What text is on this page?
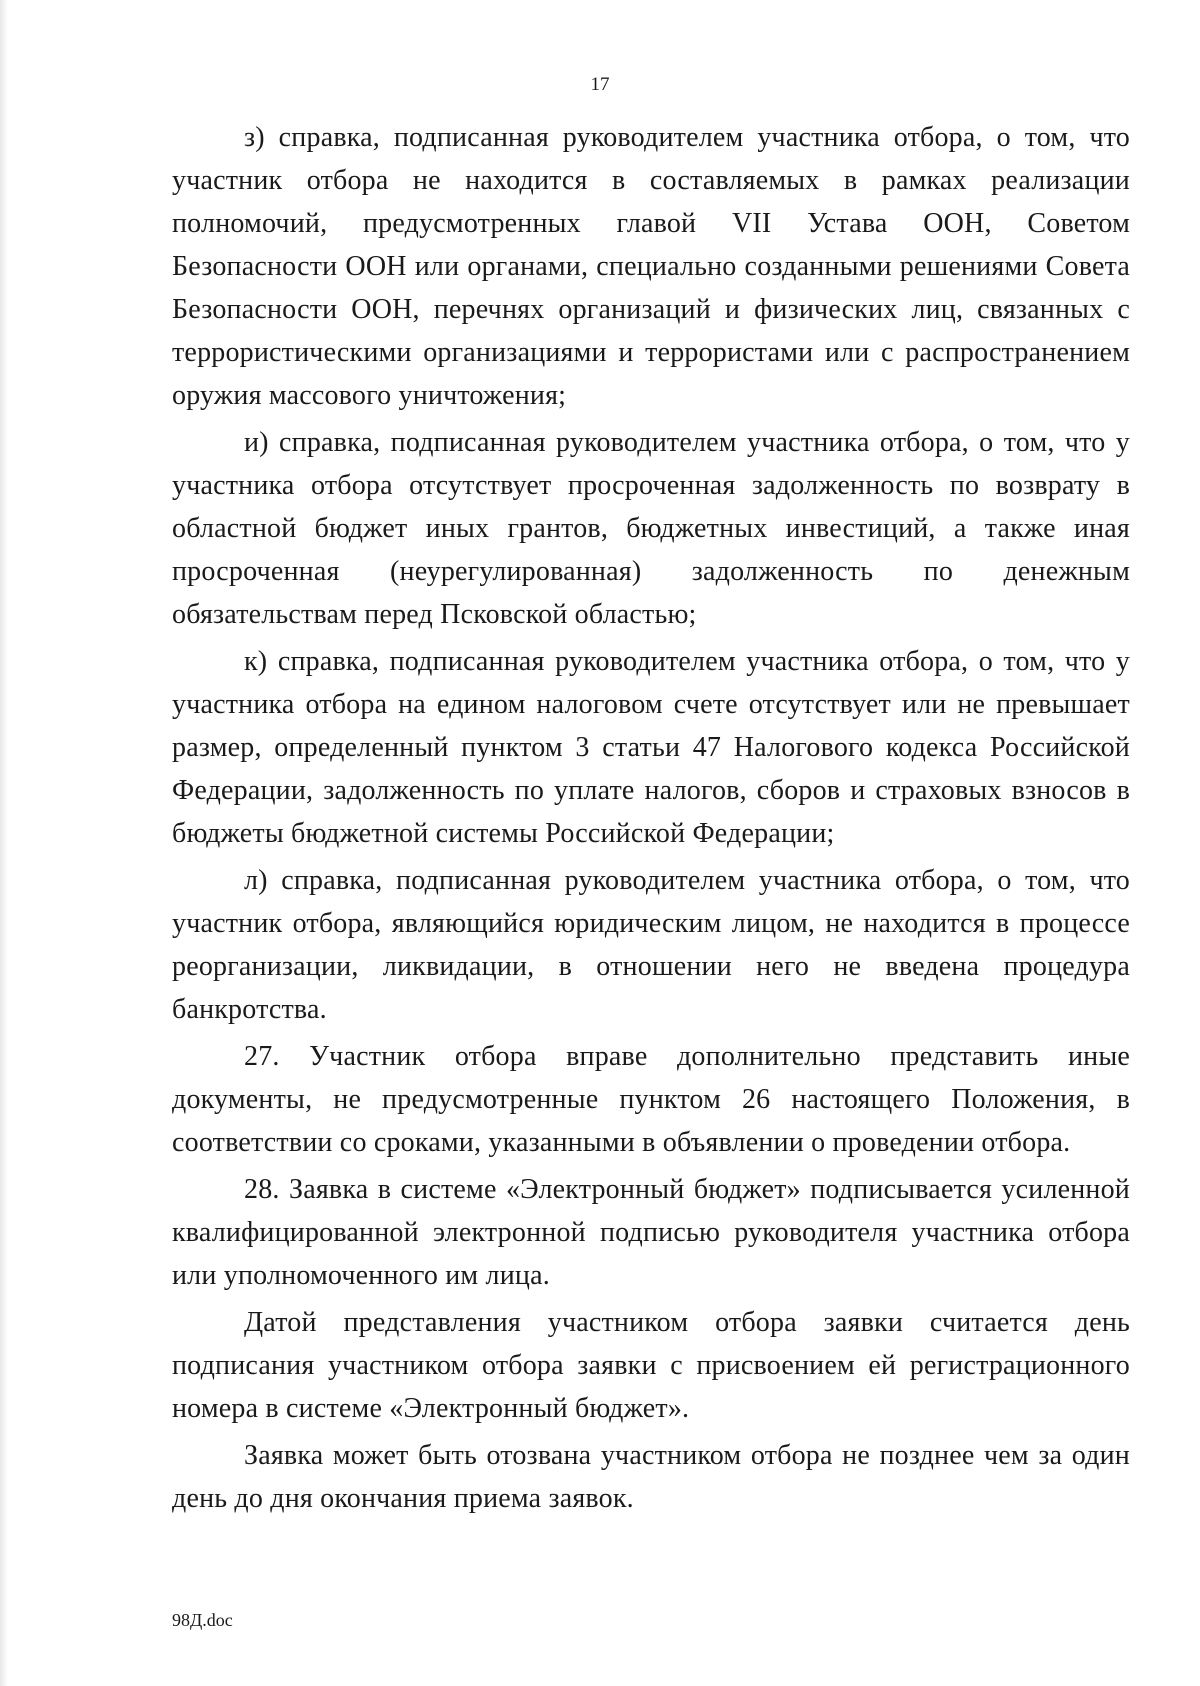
17

з) справка, подписанная руководителем участника отбора, о том, что участник отбора не находится в составляемых в рамках реализации полномочий, предусмотренных главой VII Устава ООН, Советом Безопасности ООН или органами, специально созданными решениями Совета Безопасности ООН, перечнях организаций и физических лиц, связанных с террористическими организациями и террористами или с распространением оружия массового уничтожения;

и) справка, подписанная руководителем участника отбора, о том, что у участника отбора отсутствует просроченная задолженность по возврату в областной бюджет иных грантов, бюджетных инвестиций, а также иная просроченная (неурегулированная) задолженность по денежным обязательствам перед Псковской областью;

к) справка, подписанная руководителем участника отбора, о том, что у участника отбора на едином налоговом счете отсутствует или не превышает размер, определенный пунктом 3 статьи 47 Налогового кодекса Российской Федерации, задолженность по уплате налогов, сборов и страховых взносов в бюджеты бюджетной системы Российской Федерации;

л) справка, подписанная руководителем участника отбора, о том, что участник отбора, являющийся юридическим лицом, не находится в процессе реорганизации, ликвидации, в отношении него не введена процедура банкротства.

27. Участник отбора вправе дополнительно представить иные документы, не предусмотренные пунктом 26 настоящего Положения, в соответствии со сроками, указанными в объявлении о проведении отбора.

28. Заявка в системе «Электронный бюджет» подписывается усиленной квалифицированной электронной подписью руководителя участника отбора или уполномоченного им лица.

Датой представления участником отбора заявки считается день подписания участником отбора заявки с присвоением ей регистрационного номера в системе «Электронный бюджет».

Заявка может быть отозвана участником отбора не позднее чем за один день до дня окончания приема заявок.

98Д.doc
